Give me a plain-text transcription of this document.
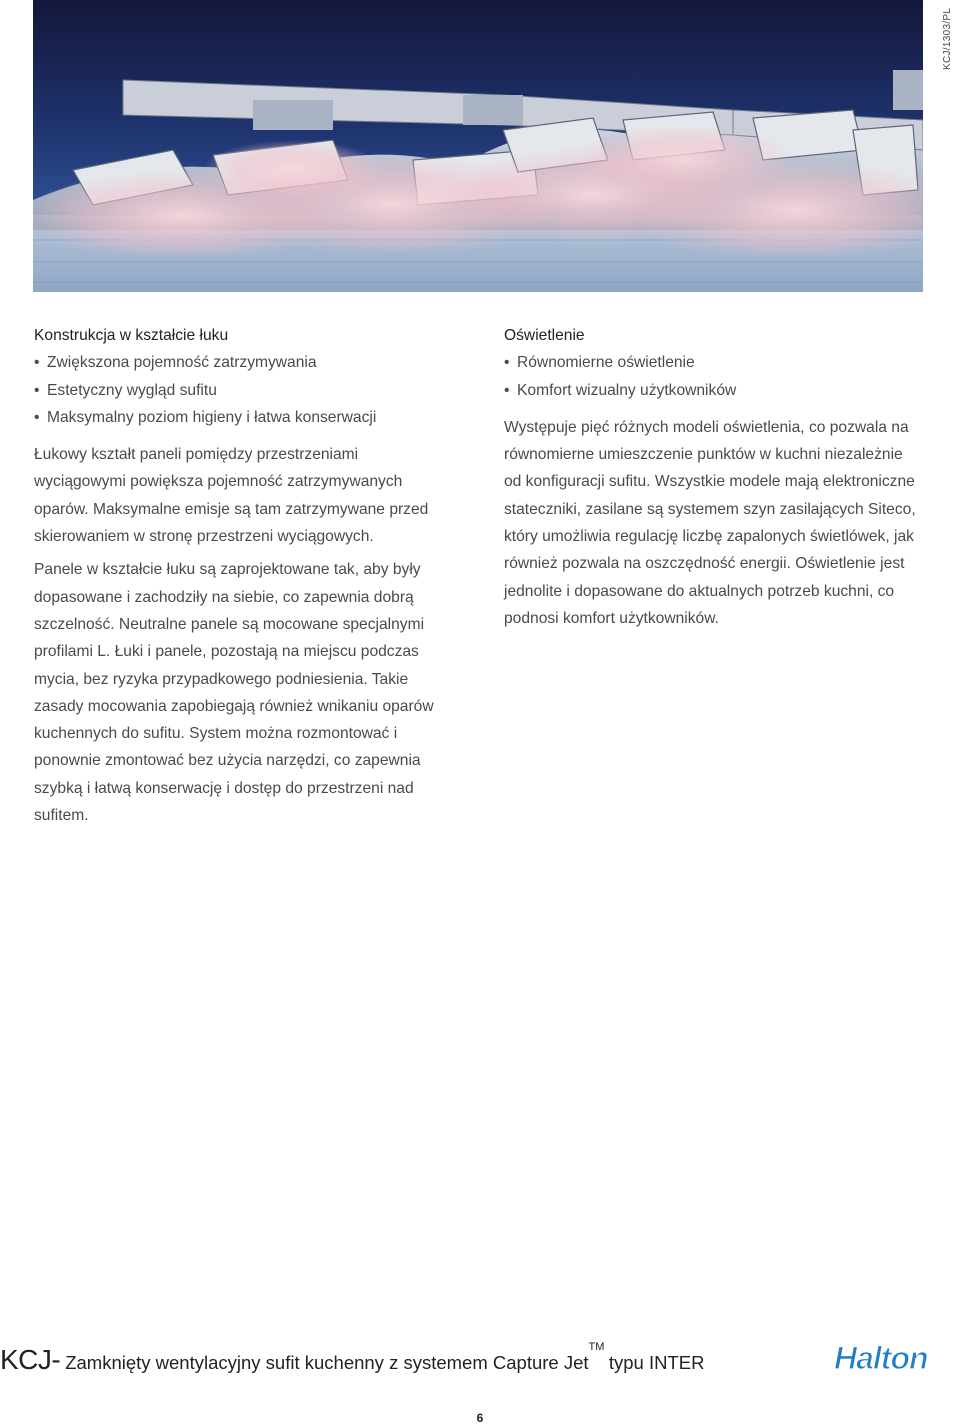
KCJ/1303/PL
Konstrukcja w kształcie łuku
• Zwiększona pojemność zatrzymywania
• Estetyczny wygląd sufitu
• Maksymalny poziom higieny i łatwa konserwacji

Łukowy kształt paneli pomiędzy przestrzeniami wyciągowymi powiększa pojemność zatrzymywanych oparów. Maksymalne emisje są tam zatrzymywane przed skierowaniem w stronę przestrzeni wyciągowych.

Panele w kształcie łuku są zaprojektowane tak, aby były dopasowane i zachodziły na siebie, co zapewnia dobrą szczelność. Neutralne panele są mocowane specjalnymi profilami L. Łuki i panele, pozostają na miejscu podczas mycia, bez ryzyka przypadkowego podniesienia. Takie zasady mocowania zapobiegają również wnikaniu oparów kuchennych do sufitu. System można rozmontować i ponownie zmontować bez użycia narzędzi, co zapewnia szybką i łatwą konserwację i dostęp do przestrzeni nad sufitem.

Oświetlenie
• Równomierne oświetlenie
• Komfort wizualny użytkowników

Występuje pięć różnych modeli oświetlenia, co pozwala na równomierne umieszczenie punktów w kuchni niezależnie od konfiguracji sufitu. Wszystkie modele mają elektroniczne stateczniki, zasilane są systemem szyn zasilających Siteco, który umożliwia regulację liczbę zapalonych świetlówek, jak również pozwala na oszczędność energii. Oświetlenie jest jednolite i dopasowane do aktualnych potrzeb kuchni, co podnosi komfort użytkowników.

KCJ- Zamknięty wentylacyjny sufit kuchenny z systemem Capture Jet™ typu INTER	Halton
6
